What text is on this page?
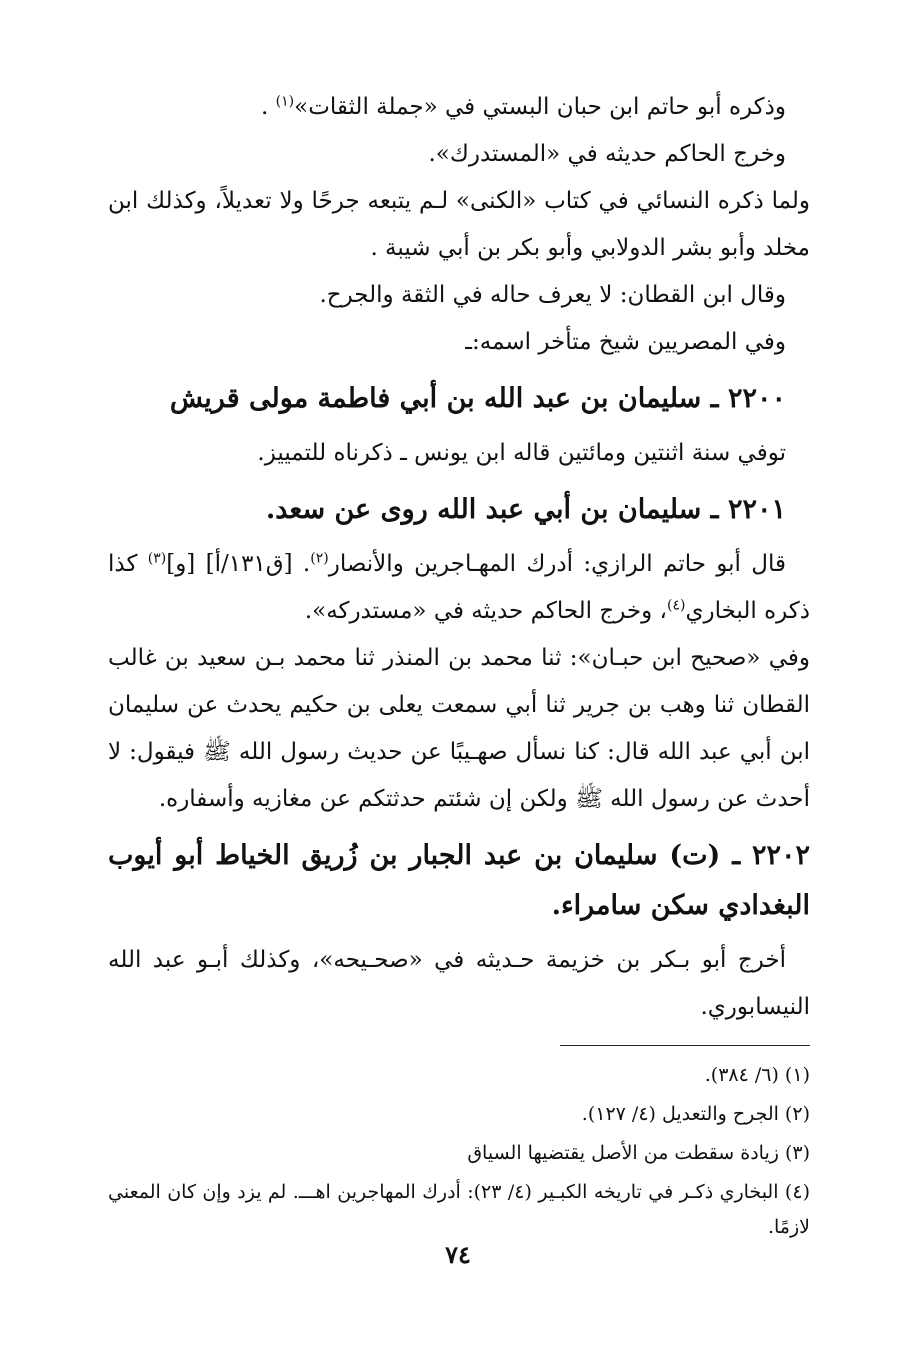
وذكره أبو حاتم ابن حبان البستي في «جملة الثقات»$^{(١)}$ .

وخرج الحاكم حديثه في «المستدرك».

ولما ذكره النسائي في كتاب «الكنى» لـم يتبعه جرحًا ولا تعديلاً، وكذلك ابن مخلد وأبو بشر الدولابي وأبو بكر بن أبي شيبة .

وقال ابن القطان: لا يعرف حاله في الثقة والجرح.

وفي المصريين شيخ متأخر اسمه:ـ

٢٢٠٠ ـ سليمان بن عبد الله بن أبي فاطمة مولى قريش

توفي سنة اثنتين ومائتين قاله ابن يونس ـ ذكرناه للتمييز.

٢٢٠١ ـ سليمان بن أبي عبد الله روى عن سعد.

قال أبو حاتم الرازي: أدرك المهـاجرين والأنصار$^{(٢)}$. [ق١٣١/أ] [و]$^{(٣)}$ كذا ذكره البخاري$^{(٤)}$، وخرج الحاكم حديثه في «مستدركه».

وفي «صحيح ابن حبـان»: ثنا محمد بن المنذر ثنا محمد بـن سعيد بن غالب القطان ثنا وهب بن جرير ثنا أبي سمعت يعلى بن حكيم يحدث عن سليمان ابن أبي عبد الله قال: كنا نسأل صهـيبًا عن حديث رسول الله ﷺ فيقول: لا أحدث عن رسول الله ﷺ ولكن إن شئتم حدثتكم عن مغازيه وأسفاره.

٢٢٠٢ ـ (ت) سليمان بن عبد الجبار بن زُريق الخياط أبو أيوب البغدادي سكن سامراء.

أخرج أبو بـكر بن خزيمة حـديثه في «صحـيحه»، وكذلك أبـو عبد الله النيسابوري.

(١) (٦/ ٣٨٤).

(٢) الجرح والتعديل (٤/ ١٢٧).

(٣) زيادة سقطت من الأصل يقتضيها السياق

(٤) البخاري ذكـر في تاريخه الكبـير (٤/ ٢٣): أدرك المهاجرين اهـــ. لم يزد وإن كان المعني لازمًا.

٧٤
